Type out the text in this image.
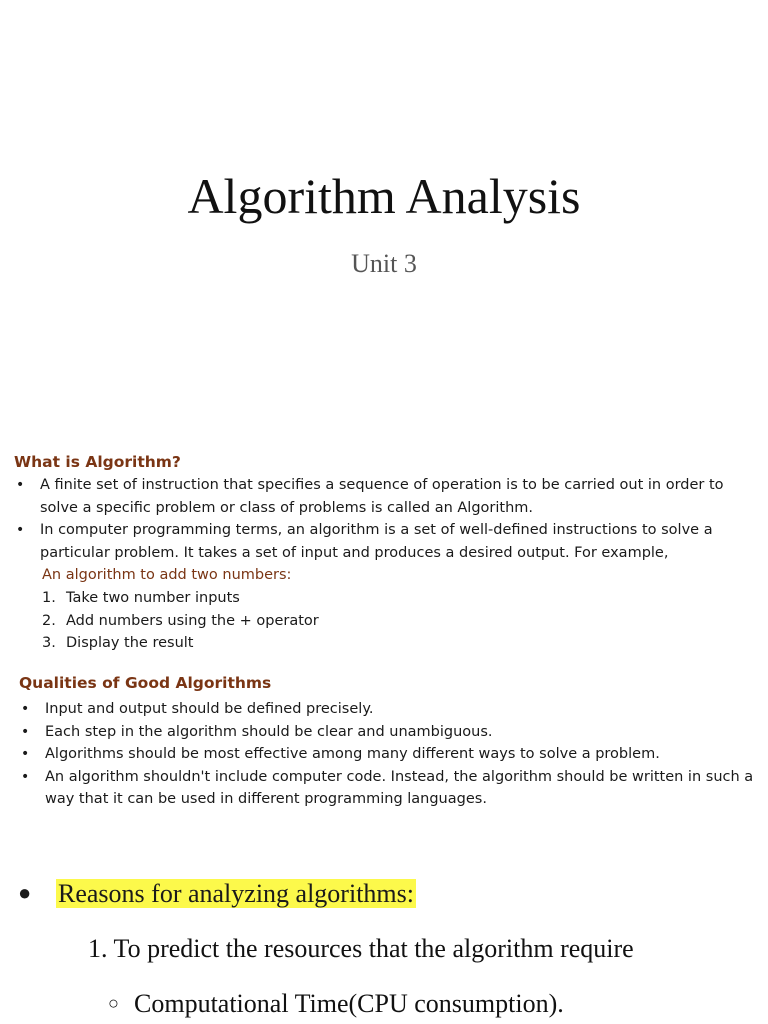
Algorithm Analysis
Unit 3
What is Algorithm?
• A finite set of instruction that specifies a sequence of operation is to be carried out in order to solve a specific problem or class of problems is called an Algorithm.
• In computer programming terms, an algorithm is a set of well-defined instructions to solve a particular problem. It takes a set of input and produces a desired output. For example,
An algorithm to add two numbers:
1. Take two number inputs
2. Add numbers using the + operator
3. Display the result
Qualities of Good Algorithms
• Input and output should be defined precisely.
• Each step in the algorithm should be clear and unambiguous.
• Algorithms should be most effective among many different ways to solve a problem.
• An algorithm shouldn't include computer code. Instead, the algorithm should be written in such a way that it can be used in different programming languages.
● Reasons for analyzing algorithms:
1. To predict the resources that the algorithm require
○ Computational Time(CPU consumption).
